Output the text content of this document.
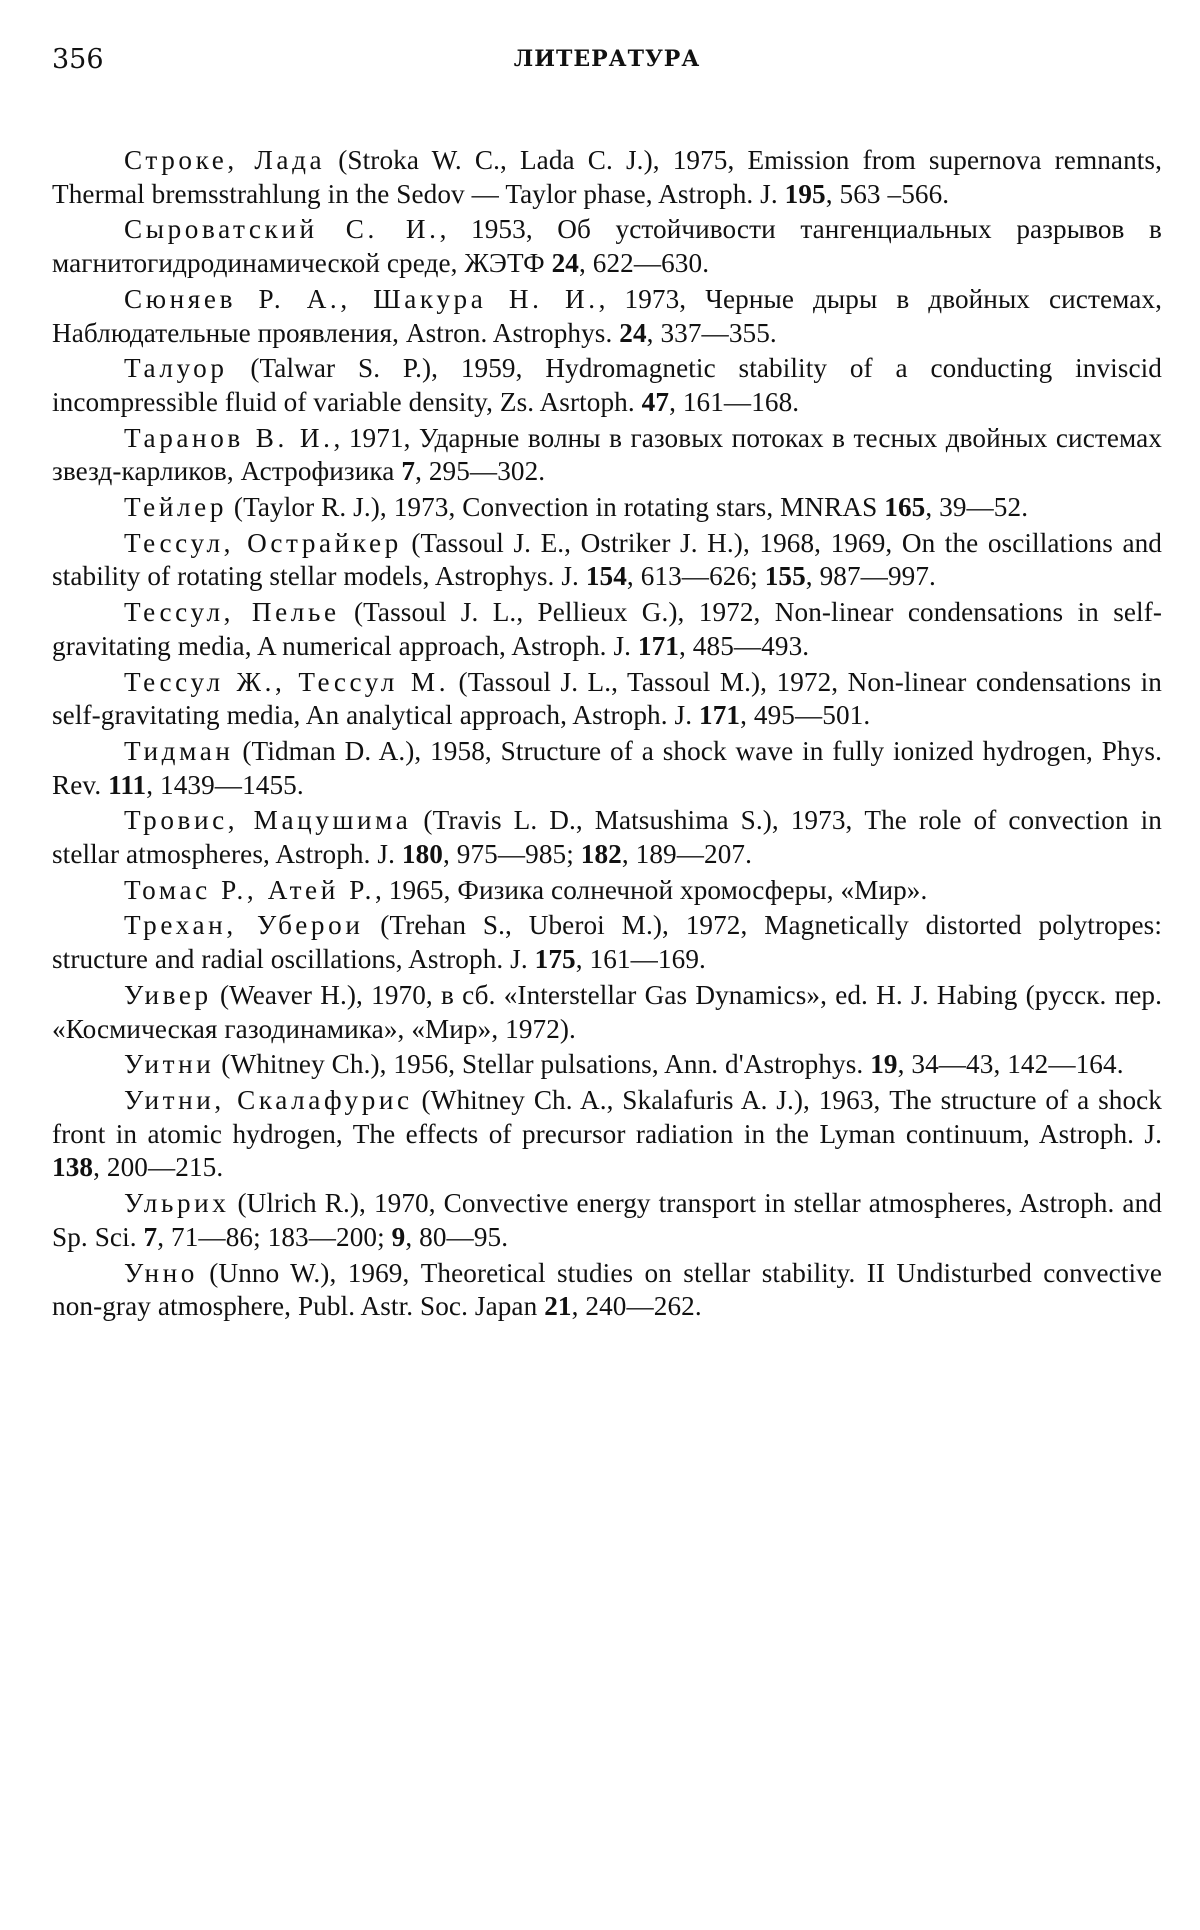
356	ЛИТЕРАТУРА

Строке, Лада (Stroka W. C., Lada C. J.), 1975, Emission from supernova remnants, Thermal bremsstrahlung in the Sedov — Taylor phase, Astroph. J. 195, 563 –566.

Сыроватский С. И., 1953, Об устойчивости тангенциальных разрывов в магнитогидродинамической среде, ЖЭТФ 24, 622—630.

Сюняев Р. А., Шакура Н. И., 1973, Черные дыры в двойных системах, Наблюдательные проявления, Astron. Astrophys. 24, 337—355.

Талуор (Talwar S. P.), 1959, Hydromagnetic stability of a conducting inviscid incompressible fluid of variable density, Zs. Asrtoph. 47, 161—168.

Таранов В. И., 1971, Ударные волны в газовых потоках в тесных двойных системах звезд-карликов, Астрофизика 7, 295—302.

Тейлер (Taylor R. J.), 1973, Convection in rotating stars, MNRAS 165, 39—52.

Тессул, Острайкер (Tassoul J. E., Ostriker J. H.), 1968, 1969, On the oscillations and stability of rotating stellar models, Astrophys. J. 154, 613—626; 155, 987—997.

Тессул, Пелье (Tassoul J. L., Pellieux G.), 1972, Non-linear condensations in self-gravitating media, A numerical approach, Astroph. J. 171, 485—493.

Тессул Ж., Тессул М. (Tassoul J. L., Tassoul M.), 1972, Non-linear condensations in self-gravitating media, An analytical approach, Astroph. J. 171, 495—501.

Тидман (Tidman D. A.), 1958, Structure of a shock wave in fully ionized hydrogen, Phys. Rev. 111, 1439—1455.

Тровис, Мацушима (Travis L. D., Matsushima S.), 1973, The role of convection in stellar atmospheres, Astroph. J. 180, 975—985; 182, 189—207.

Томас Р., Атей Р., 1965, Физика солнечной хромосферы, «Мир».

Трехан, Уберои (Trehan S., Uberoi M.), 1972, Magnetically distorted polytropes: structure and radial oscillations, Astroph. J. 175, 161—169.

Уивер (Weaver H.), 1970, в сб. «Interstellar Gas Dynamics», ed. H. J. Habing (русск. пер. «Космическая газодинамика», «Мир», 1972).

Уитни (Whitney Ch.), 1956, Stellar pulsations, Ann. d'Astrophys. 19, 34—43, 142—164.

Уитни, Скалафурис (Whitney Ch. A., Skalafuris A. J.), 1963, The structure of a shock front in atomic hydrogen, The effects of precursor radiation in the Lyman continuum, Astroph. J. 138, 200—215.

Ульрих (Ulrich R.), 1970, Convective energy transport in stellar atmospheres, Astroph. and Sp. Sci. 7, 71—86; 183—200; 9, 80—95.

Унно (Unno W.), 1969, Theoretical studies on stellar stability. II Undisturbed convective non-gray atmosphere, Publ. Astr. Soc. Japan 21, 240—262.
